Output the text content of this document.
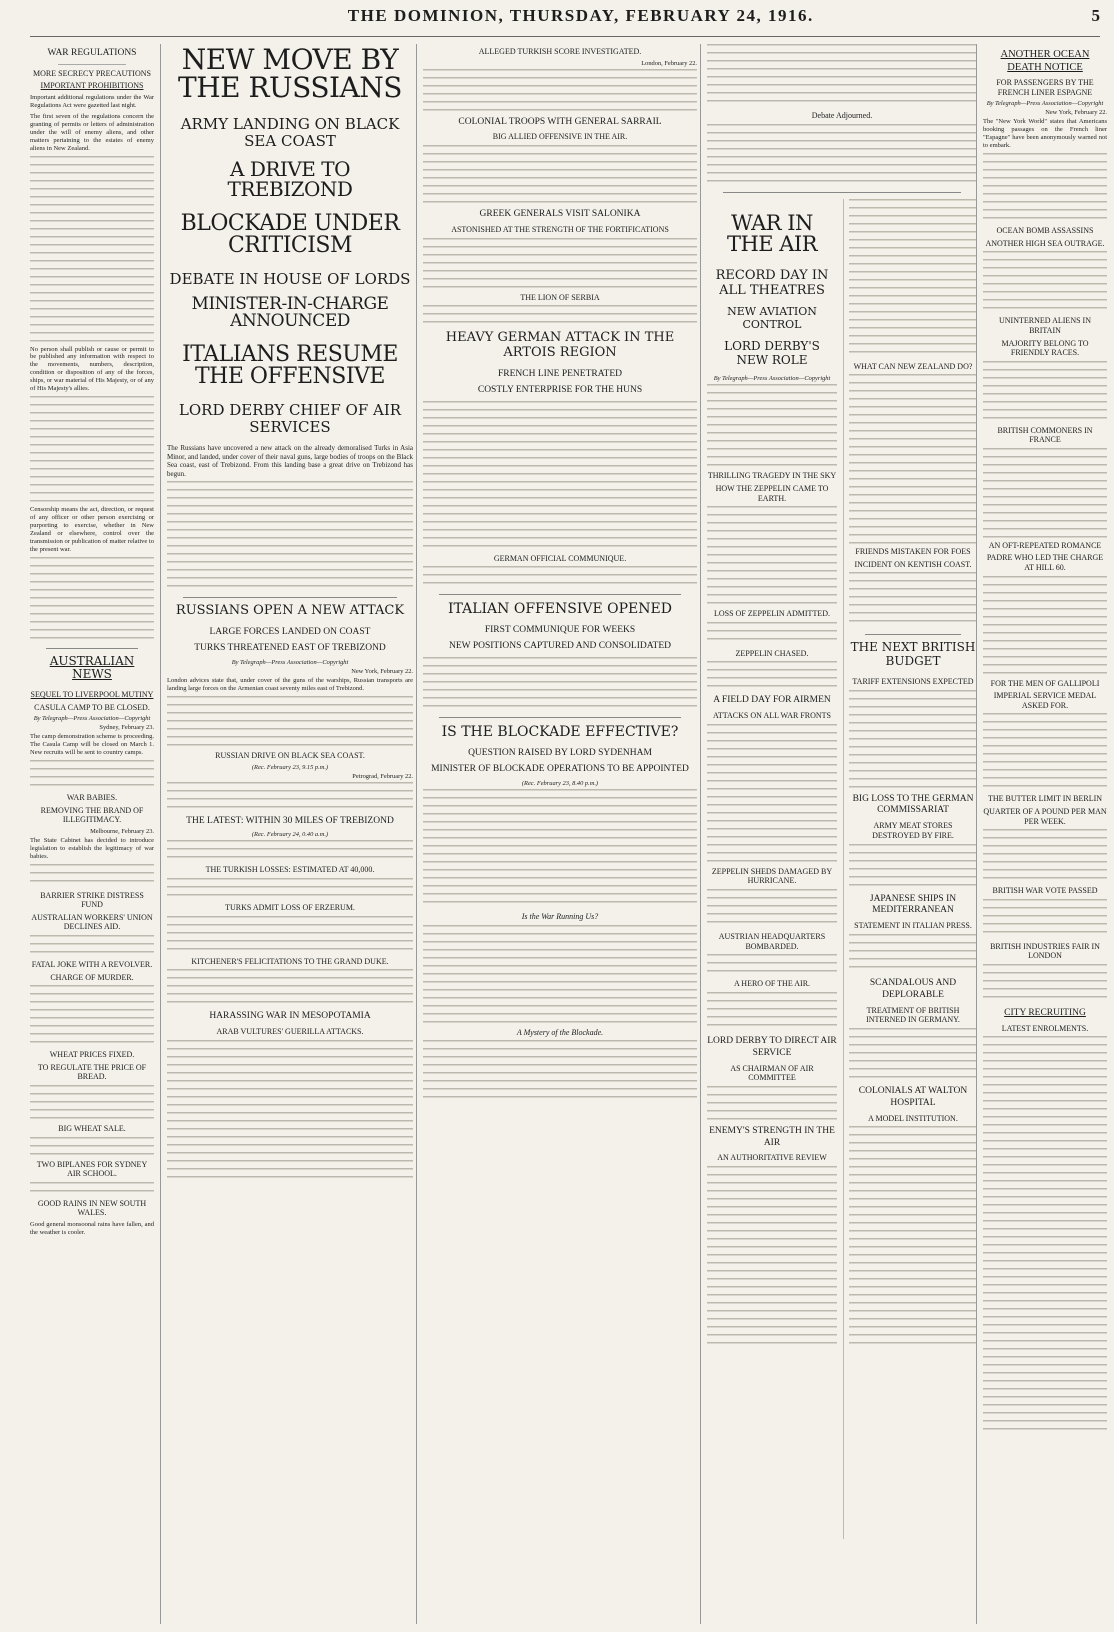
THE DOMINION, THURSDAY, FEBRUARY 24, 1916.	5
WAR REGULATIONS
MORE SECRECY PRECAUTIONS
IMPORTANT PROHIBITIONS

Important additional regulations under the War Regulations Act were gazetted last night.

The first seven of the regulations concern the granting of permits or letters of administration under the will of enemy aliens, and other matters pertaining to the estates of enemy aliens in New Zealand.

No person shall publish or cause or permit to be published any information with respect to the movements, numbers, description, condition or disposition of any of the forces, ships, or war material of His Majesty, or of any of His Majesty's allies.

Censorship means the act, direction, or request of any officer or other person exercising or purporting to exercise, whether in New Zealand or elsewhere, control over the transmission or publication of matter relative to the present war.

AUSTRALIAN NEWS
SEQUEL TO LIVERPOOL MUTINY
CASULA CAMP TO BE CLOSED.
By Telegraph—Press Association—Copyright
Sydney, February 23.

The camp demonstration scheme is proceeding. The Casula Camp will be closed on March 1. New recruits will be sent to country camps.

WAR BABIES.
REMOVING THE BRAND OF ILLEGITIMACY.
Melbourne, February 23.

The State Cabinet has decided to introduce legislation to establish the legitimacy of war babies.

BARRIER STRIKE DISTRESS FUND
AUSTRALIAN WORKERS' UNION DECLINES AID.
FATAL JOKE WITH A REVOLVER.
CHARGE OF MURDER.
WHEAT PRICES FIXED.
TO REGULATE THE PRICE OF BREAD.
BIG WHEAT SALE.
TWO BIPLANES FOR SYDNEY AIR SCHOOL.
GOOD RAINS IN NEW SOUTH WALES.

Good general monsoonal rains have fallen, and the weather is cooler.

NEW MOVE BY THE RUSSIANS
ARMY LANDING ON BLACK SEA COAST
A DRIVE TO TREBIZOND
BLOCKADE UNDER CRITICISM
DEBATE IN HOUSE OF LORDS
MINISTER-IN-CHARGE ANNOUNCED
ITALIANS RESUME THE OFFENSIVE
LORD DERBY CHIEF OF AIR SERVICES

The Russians have uncovered a new attack on the already demoralised Turks in Asia Minor, and landed, under cover of their naval guns, large bodies of troops on the Black Sea coast, east of Trebizond. From this landing base a great drive on Trebizond has begun.

RUSSIANS OPEN A NEW ATTACK
LARGE FORCES LANDED ON COAST
TURKS THREATENED EAST OF TREBIZOND
By Telegraph—Press Association—Copyright
New York, February 22.

London advices state that, under cover of the guns of the warships, Russian transports are landing large forces on the Armenian coast seventy miles east of Trebizond.

RUSSIAN DRIVE ON BLACK SEA COAST.
(Rec. February 23, 9.15 p.m.)
Petrograd, February 22.
THE LATEST: WITHIN 30 MILES OF TREBIZOND
(Rec. February 24, 0.40 a.m.)
THE TURKISH LOSSES: ESTIMATED AT 40,000.
TURKS ADMIT LOSS OF ERZERUM.
KITCHENER'S FELICITATIONS TO THE GRAND DUKE.
HARASSING WAR IN MESOPOTAMIA
ARAB VULTURES' GUERILLA ATTACKS.
ALLEGED TURKISH SCORE INVESTIGATED.
London, February 22.
COLONIAL TROOPS WITH GENERAL SARRAIL
BIG ALLIED OFFENSIVE IN THE AIR.
GREEK GENERALS VISIT SALONIKA
ASTONISHED AT THE STRENGTH OF THE FORTIFICATIONS
THE LION OF SERBIA
HEAVY GERMAN ATTACK IN THE ARTOIS REGION
FRENCH LINE PENETRATED
COSTLY ENTERPRISE FOR THE HUNS
GERMAN OFFICIAL COMMUNIQUE.
ITALIAN OFFENSIVE OPENED
FIRST COMMUNIQUE FOR WEEKS
NEW POSITIONS CAPTURED AND CONSOLIDATED
IS THE BLOCKADE EFFECTIVE?
QUESTION RAISED BY LORD SYDENHAM
MINISTER OF BLOCKADE OPERATIONS TO BE APPOINTED
(Rec. February 23, 8.40 p.m.)
Is the War Running Us?
A Mystery of the Blockade.
Debate Adjourned.
WAR IN THE AIR
RECORD DAY IN ALL THEATRES
NEW AVIATION CONTROL
LORD DERBY'S NEW ROLE
By Telegraph—Press Association—Copyright
THRILLING TRAGEDY IN THE SKY
HOW THE ZEPPELIN CAME TO EARTH.
LOSS OF ZEPPELIN ADMITTED.
ZEPPELIN CHASED.
A FIELD DAY FOR AIRMEN
ATTACKS ON ALL WAR FRONTS
ZEPPELIN SHEDS DAMAGED BY HURRICANE.
AUSTRIAN HEADQUARTERS BOMBARDED.
A HERO OF THE AIR.
LORD DERBY TO DIRECT AIR SERVICE
AS CHAIRMAN OF AIR COMMITTEE
ENEMY'S STRENGTH IN THE AIR
AN AUTHORITATIVE REVIEW
WHAT CAN NEW ZEALAND DO?
FRIENDS MISTAKEN FOR FOES
INCIDENT ON KENTISH COAST.
THE NEXT BRITISH BUDGET
TARIFF EXTENSIONS EXPECTED
BIG LOSS TO THE GERMAN COMMISSARIAT
ARMY MEAT STORES DESTROYED BY FIRE.
JAPANESE SHIPS IN MEDITERRANEAN
STATEMENT IN ITALIAN PRESS.
SCANDALOUS AND DEPLORABLE
TREATMENT OF BRITISH INTERNED IN GERMANY.
COLONIALS AT WALTON HOSPITAL
A MODEL INSTITUTION.
ANOTHER OCEAN DEATH NOTICE
FOR PASSENGERS BY THE FRENCH LINER ESPAGNE
By Telegraph—Press Association—Copyright
New York, February 22.

The "New York World" states that Americans booking passages on the French liner "Espagne" have been anonymously warned not to embark.

OCEAN BOMB ASSASSINS
ANOTHER HIGH SEA OUTRAGE.
UNINTERNED ALIENS IN BRITAIN
MAJORITY BELONG TO FRIENDLY RACES.
BRITISH COMMONERS IN FRANCE
AN OFT-REPEATED ROMANCE
PADRE WHO LED THE CHARGE AT HILL 60.
FOR THE MEN OF GALLIPOLI
IMPERIAL SERVICE MEDAL ASKED FOR.
THE BUTTER LIMIT IN BERLIN
QUARTER OF A POUND PER MAN PER WEEK.
BRITISH WAR VOTE PASSED
BRITISH INDUSTRIES FAIR IN LONDON
CITY RECRUITING
LATEST ENROLMENTS.
